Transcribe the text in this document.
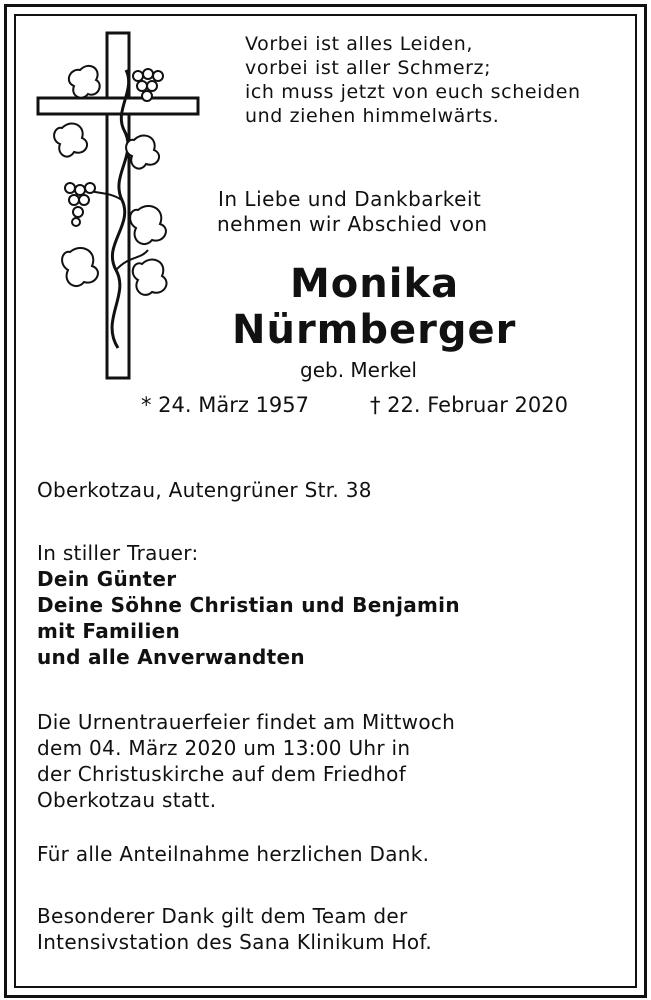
Vorbei ist alles Leiden,

vorbei ist aller Schmerz;

ich muss jetzt von euch scheiden

und ziehen himmelwärts.

In Liebe und Dankbarkeit

nehmen wir Abschied von

Monika

Nürmberger

geb. Merkel

* 24. März 1957	† 22. Februar 2020

Oberkotzau, Autengrüner Str. 38

In stiller Trauer:

Dein Günter

Deine Söhne Christian und Benjamin

mit Familien

und alle Anverwandten

Die Urnentrauerfeier findet am Mittwoch

dem 04. März 2020 um 13:00 Uhr in

der Christuskirche auf dem Friedhof

Oberkotzau statt.

Für alle Anteilnahme herzlichen Dank.

Besonderer Dank gilt dem Team der

Intensivstation des Sana Klinikum Hof.
